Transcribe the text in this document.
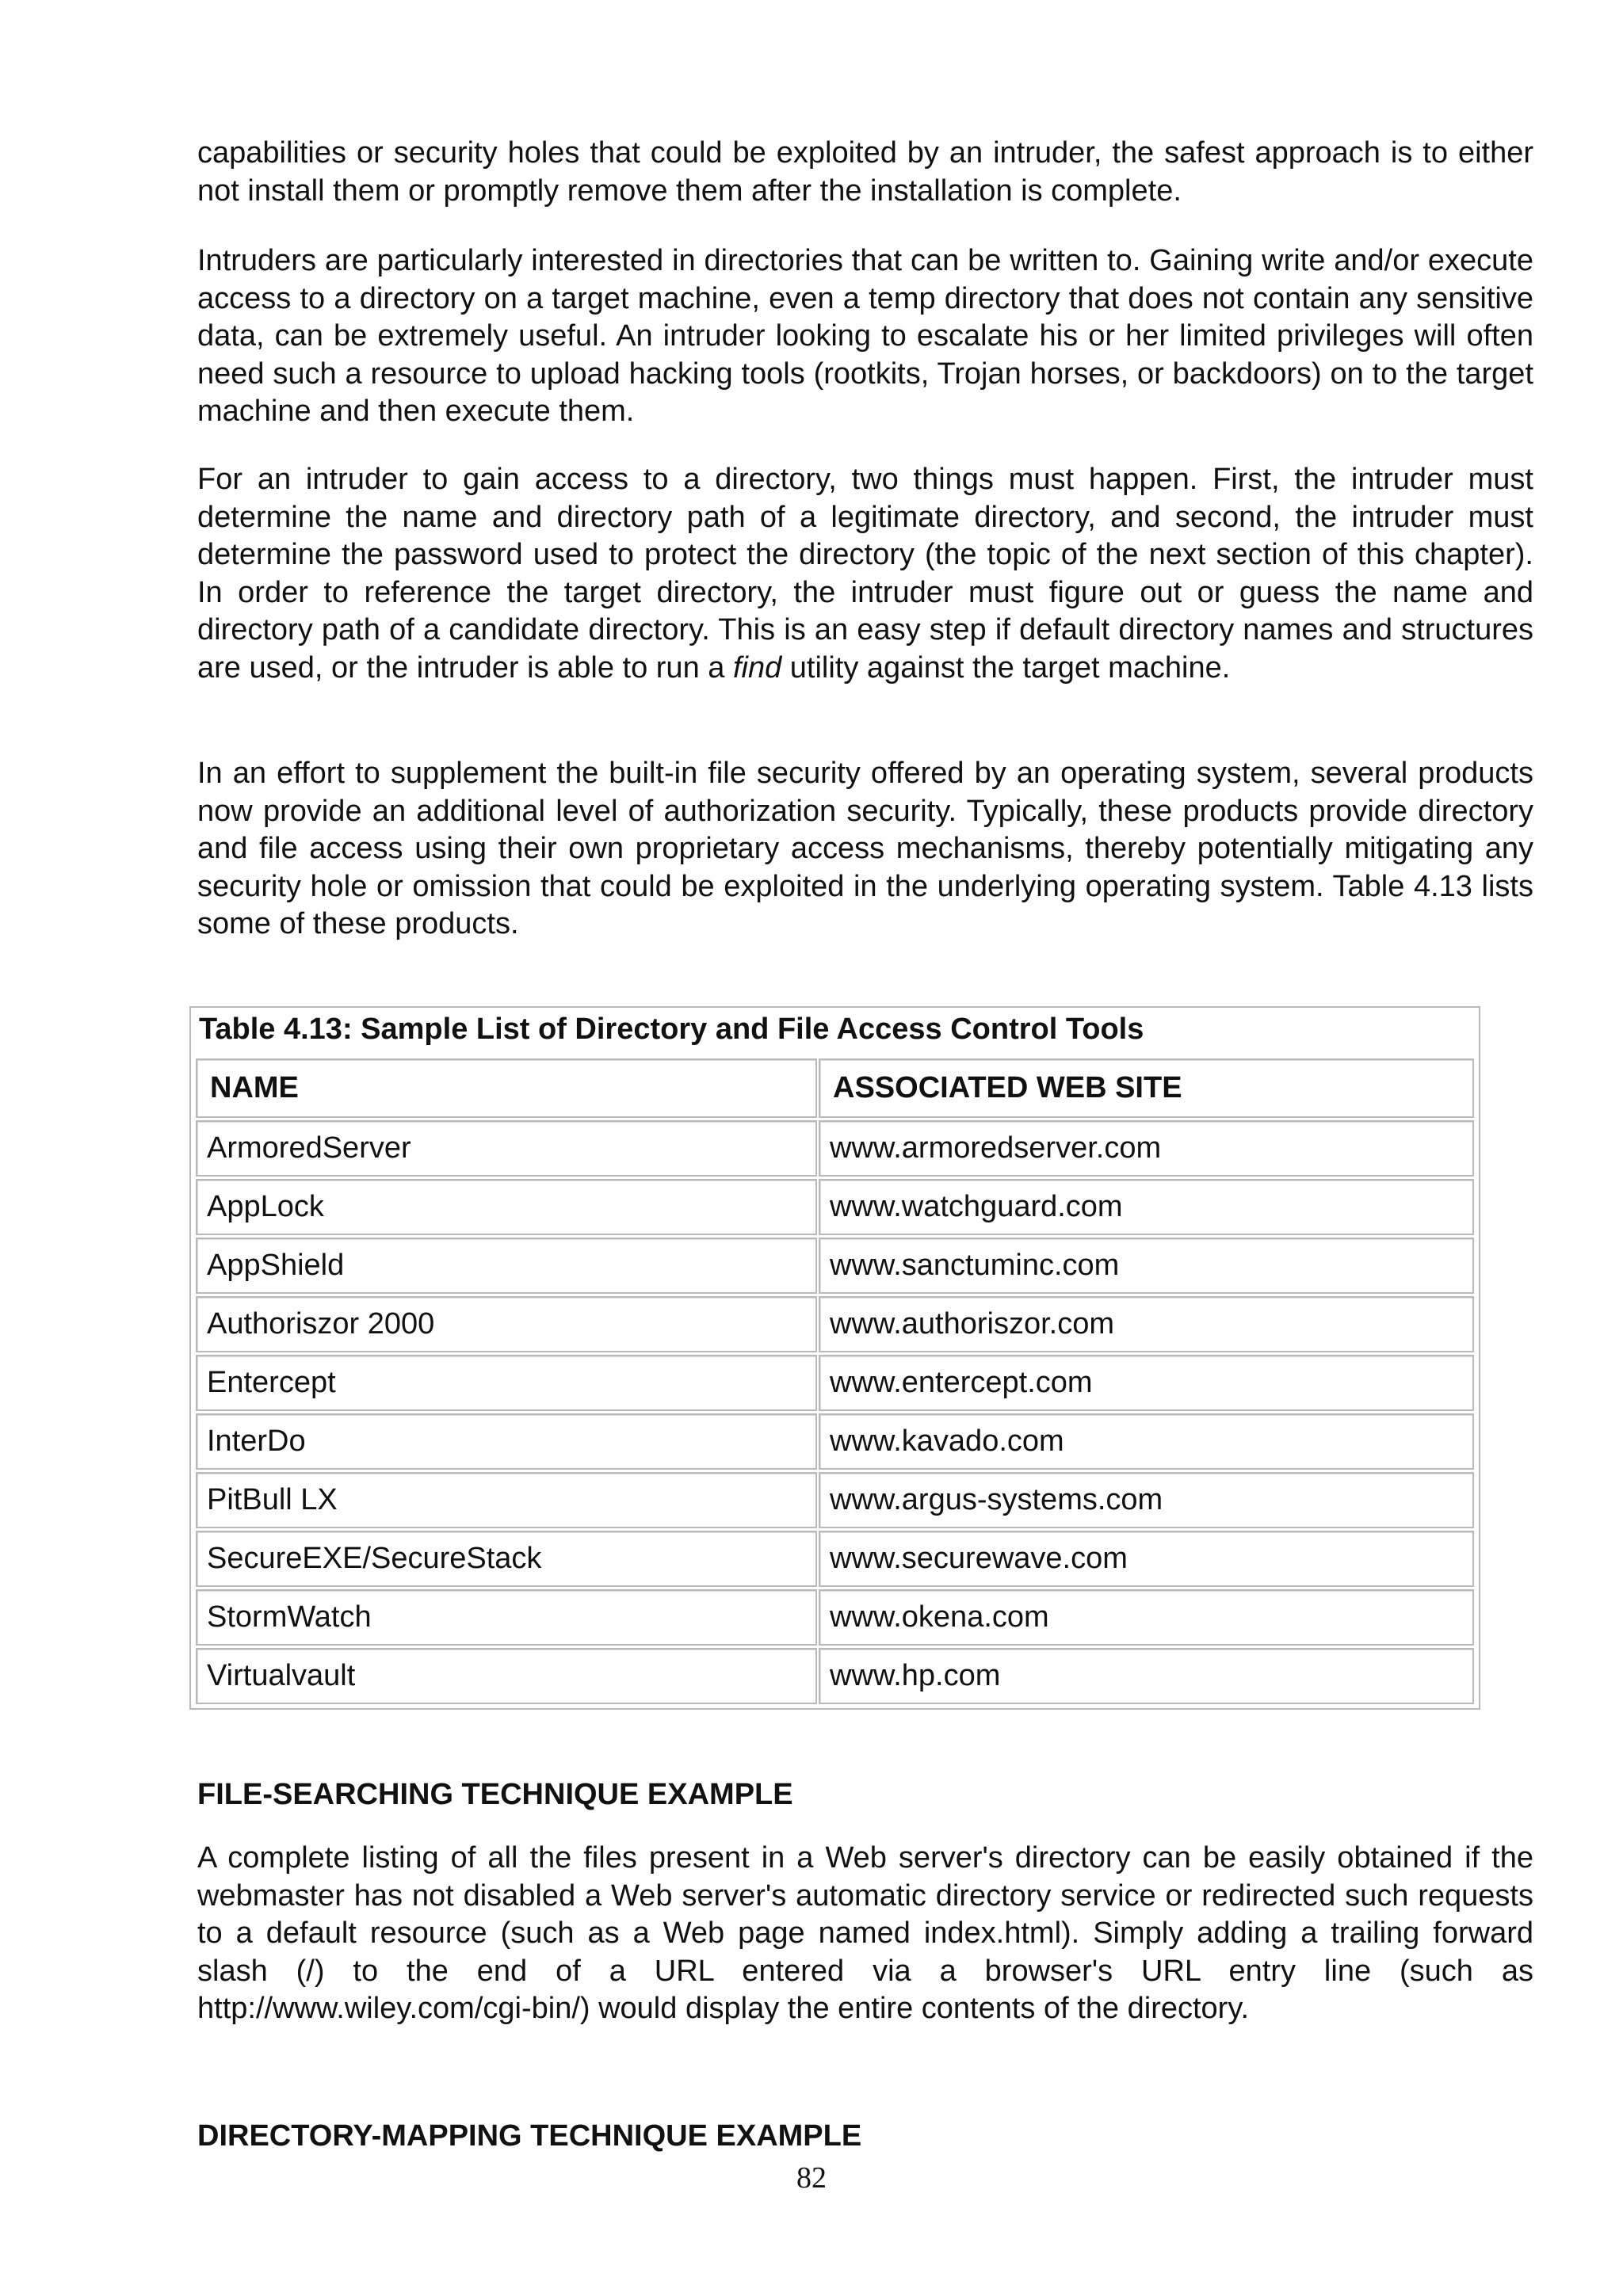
capabilities or security holes that could be exploited by an intruder, the safest approach is to either not install them or promptly remove them after the installation is complete.

Intruders are particularly interested in directories that can be written to. Gaining write and/or execute access to a directory on a target machine, even a temp directory that does not contain any sensitive data, can be extremely useful. An intruder looking to escalate his or her limited privileges will often need such a resource to upload hacking tools (rootkits, Trojan horses, or backdoors) on to the target machine and then execute them.

For an intruder to gain access to a directory, two things must happen. First, the intruder must determine the name and directory path of a legitimate directory, and second, the intruder must determine the password used to protect the directory (the topic of the next section of this chapter). In order to reference the target directory, the intruder must figure out or guess the name and directory path of a candidate directory. This is an easy step if default directory names and structures are used, or the intruder is able to run a find utility against the target machine.

In an effort to supplement the built-in file security offered by an operating system, several products now provide an additional level of authorization security. Typically, these products provide directory and file access using their own proprietary access mechanisms, thereby potentially mitigating any security hole or omission that could be exploited in the underlying operating system. Table 4.13 lists some of these products.

Table 4.13: Sample List of Directory and File Access Control Tools
NAME	ASSOCIATED WEB SITE
ArmoredServer	www.armoredserver.com
AppLock	www.watchguard.com
AppShield	www.sanctuminc.com
Authoriszor 2000	www.authoriszor.com
Entercept	www.entercept.com
InterDo	www.kavado.com
PitBull LX	www.argus-systems.com
SecureEXE/SecureStack	www.securewave.com
StormWatch	www.okena.com
Virtualvault	www.hp.com
FILE-SEARCHING TECHNIQUE EXAMPLE

A complete listing of all the files present in a Web server's directory can be easily obtained if the webmaster has not disabled a Web server's automatic directory service or redirected such requests to a default resource (such as a Web page named index.html). Simply adding a trailing forward slash (/) to the end of a URL entered via a browser's URL entry line (such as http://www.wiley.com/cgi-bin/) would display the entire contents of the directory.

DIRECTORY-MAPPING TECHNIQUE EXAMPLE
82
